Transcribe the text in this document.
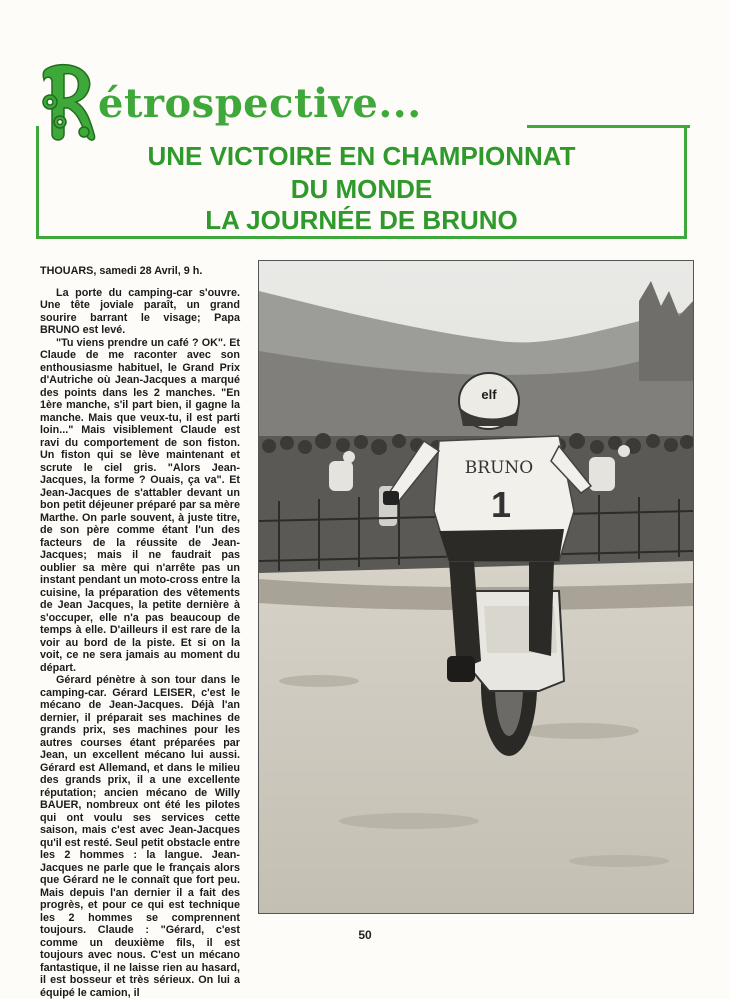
étrospective...
UNE VICTOIRE EN CHAMPIONNAT
DU MONDE
LA JOURNÉE DE BRUNO

THOUARS, samedi 28 Avril, 9 h.

La porte du camping-car s'ouvre. Une tête joviale paraît, un grand sourire barrant le visage; Papa BRUNO est levé.

"Tu viens prendre un café ? OK". Et Claude de me raconter avec son enthousiasme habituel, le Grand Prix d'Autriche où Jean-Jacques a marqué des points dans les 2 manches. "En 1ère manche, s'il part bien, il gagne la manche. Mais que veux-tu, il est parti loin..." Mais visiblement Claude est ravi du comportement de son fiston. Un fiston qui se lève maintenant et scrute le ciel gris. "Alors Jean-Jacques, la forme ? Ouais, ça va". Et Jean-Jacques de s'attabler devant un bon petit déjeuner préparé par sa mère Marthe. On parle souvent, à juste titre, de son père comme étant l'un des facteurs de la réussite de Jean-Jacques; mais il ne faudrait pas oublier sa mère qui n'arrête pas un instant pendant un moto-cross entre la cuisine, la préparation des vêtements de Jean Jacques, la petite dernière à s'occuper, elle n'a pas beaucoup de temps à elle. D'ailleurs il est rare de la voir au bord de la piste. Et si on la voit, ce ne sera jamais au moment du départ.

Gérard pénètre à son tour dans le camping-car. Gérard LEISER, c'est le mécano de Jean-Jacques. Déjà l'an dernier, il préparait ses machines de grands prix, ses machines pour les autres courses étant préparées par Jean, un excellent mécano lui aussi. Gérard est Allemand, et dans le milieu des grands prix, il a une excellente réputation; ancien mécano de Willy BAUER, nombreux ont été les pilotes qui ont voulu ses services cette saison, mais c'est avec Jean-Jacques qu'il est resté. Seul petit obstacle entre les 2 hommes : la langue. Jean-Jacques ne parle que le français alors que Gérard ne le connaît que fort peu. Mais depuis l'an dernier il a fait des progrès, et pour ce qui est technique les 2 hommes se comprennent toujours. Claude : "Gérard, c'est comme un deuxième fils, il est toujours avec nous. C'est un mécano fantastique, il ne laisse rien au hasard, il est bosseur et très sérieux. On lui a équipé le camion, il

elf
BRUNO
1
50
